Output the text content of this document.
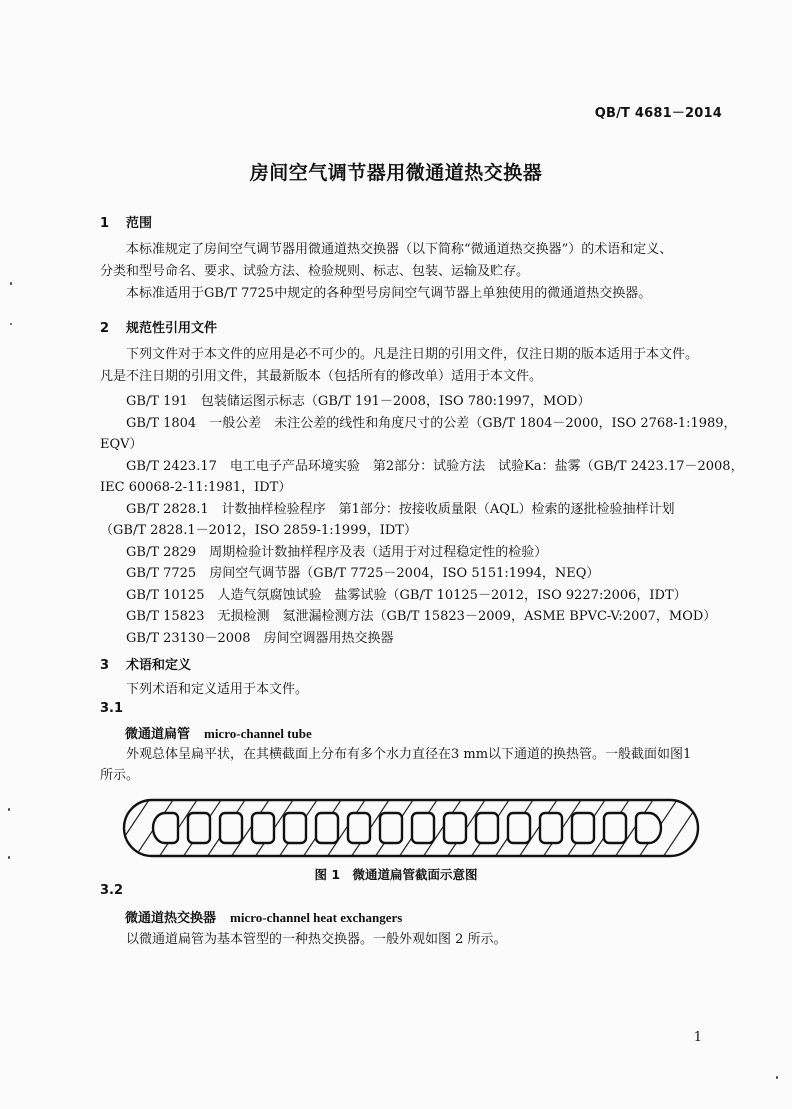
QB/T 4681－2014
房间空气调节器用微通道热交换器
1 范围
本标准规定了房间空气调节器用微通道热交换器（以下简称“微通道热交换器”）的术语和定义、
分类和型号命名、要求、试验方法、检验规则、标志、包装、运输及贮存。
本标准适用于GB/T 7725中规定的各种型号房间空气调节器上单独使用的微通道热交换器。
2 规范性引用文件
下列文件对于本文件的应用是必不可少的。凡是注日期的引用文件，仅注日期的版本适用于本文件。
凡是不注日期的引用文件，其最新版本（包括所有的修改单）适用于本文件。
GB/T 191　包装储运图示标志（GB/T 191－2008，ISO 780:1997，MOD）
GB/T 1804　一般公差　未注公差的线性和角度尺寸的公差（GB/T 1804－2000，ISO 2768-1:1989，
EQV）
GB/T 2423.17　电工电子产品环境实验　第2部分：试验方法　试验Ka：盐雾（GB/T 2423.17－2008，
IEC 60068-2-11:1981，IDT）
GB/T 2828.1　计数抽样检验程序　第1部分：按接收质量限（AQL）检索的逐批检验抽样计划
（GB/T 2828.1－2012，ISO 2859-1:1999，IDT）
GB/T 2829　周期检验计数抽样程序及表（适用于对过程稳定性的检验）
GB/T 7725　房间空气调节器（GB/T 7725－2004，ISO 5151:1994，NEQ）
GB/T 10125　人造气氛腐蚀试验　盐雾试验（GB/T 10125－2012，ISO 9227:2006，IDT）
GB/T 15823　无损检测　氦泄漏检测方法（GB/T 15823－2009，ASME BPVC-V:2007，MOD）
GB/T 23130－2008　房间空调器用热交换器
3 术语和定义
下列术语和定义适用于本文件。
3.1
微通道扁管 micro-channel tube
外观总体呈扁平状，在其横截面上分布有多个水力直径在3 mm以下通道的换热管。一般截面如图1
所示。
图 1　微通道扁管截面示意图
3.2
微通道热交换器 micro-channel heat exchangers
以微通道扁管为基本管型的一种热交换器。一般外观如图 2 所示。
1
